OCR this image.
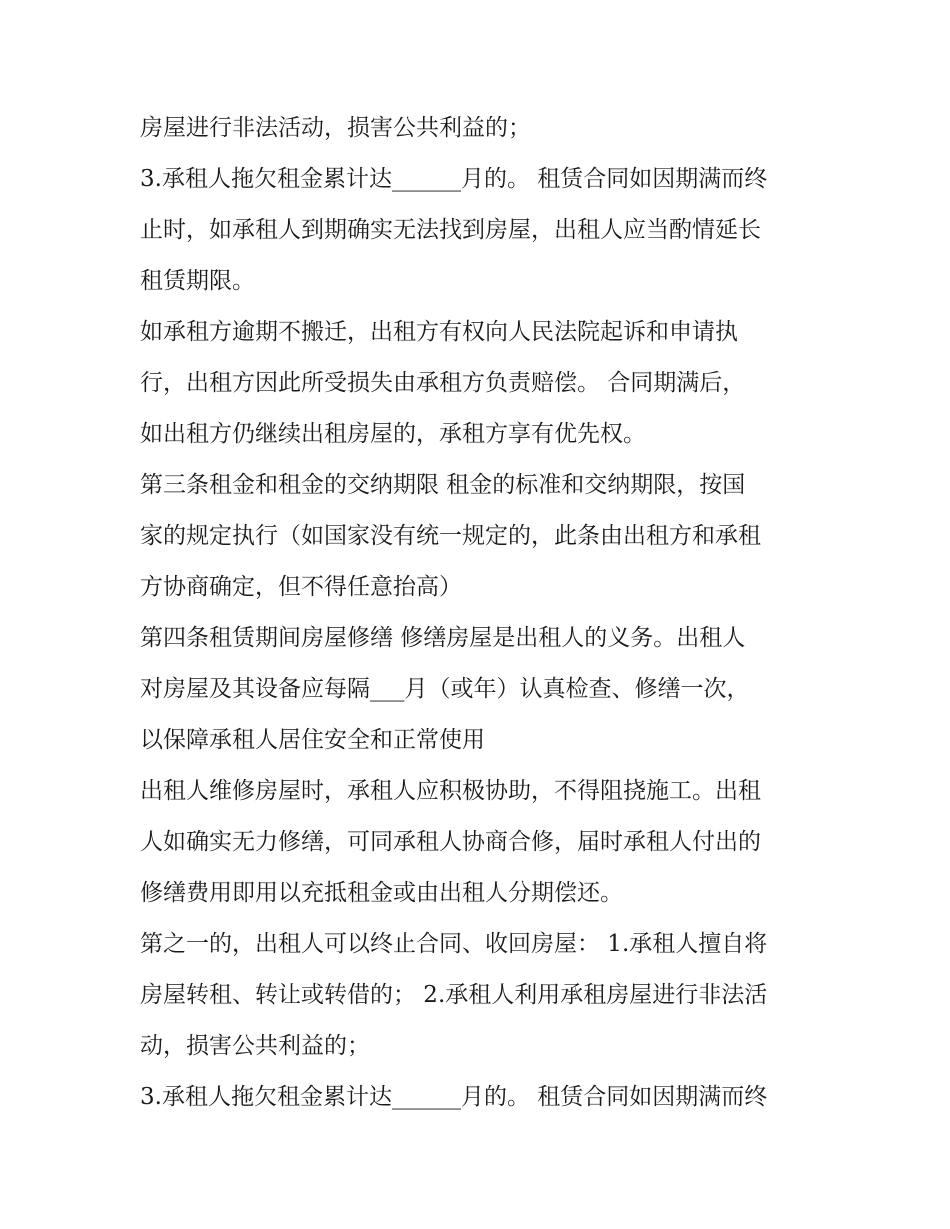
房屋进行非法活动，损害公共利益的；
3.承租人拖欠租金累计达______月的。 租赁合同如因期满而终
止时，如承租人到期确实无法找到房屋，出租人应当酌情延长
租赁期限。
如承租方逾期不搬迁，出租方有权向人民法院起诉和申请执
行，出租方因此所受损失由承租方负责赔偿。 合同期满后，
如出租方仍继续出租房屋的，承租方享有优先权。
第三条租金和租金的交纳期限 租金的标准和交纳期限，按国
家的规定执行（如国家没有统一规定的，此条由出租方和承租
方协商确定，但不得任意抬高）
第四条租赁期间房屋修缮 修缮房屋是出租人的义务。出租人
对房屋及其设备应每隔___月（或年）认真检查、修缮一次，
以保障承租人居住安全和正常使用
出租人维修房屋时，承租人应积极协助，不得阻挠施工。出租
人如确实无力修缮，可同承租人协商合修，届时承租人付出的
修缮费用即用以充抵租金或由出租人分期偿还。
第之一的，出租人可以终止合同、收回房屋： 1.承租人擅自将
房屋转租、转让或转借的； 2.承租人利用承租房屋进行非法活
动，损害公共利益的；
3.承租人拖欠租金累计达______月的。 租赁合同如因期满而终
